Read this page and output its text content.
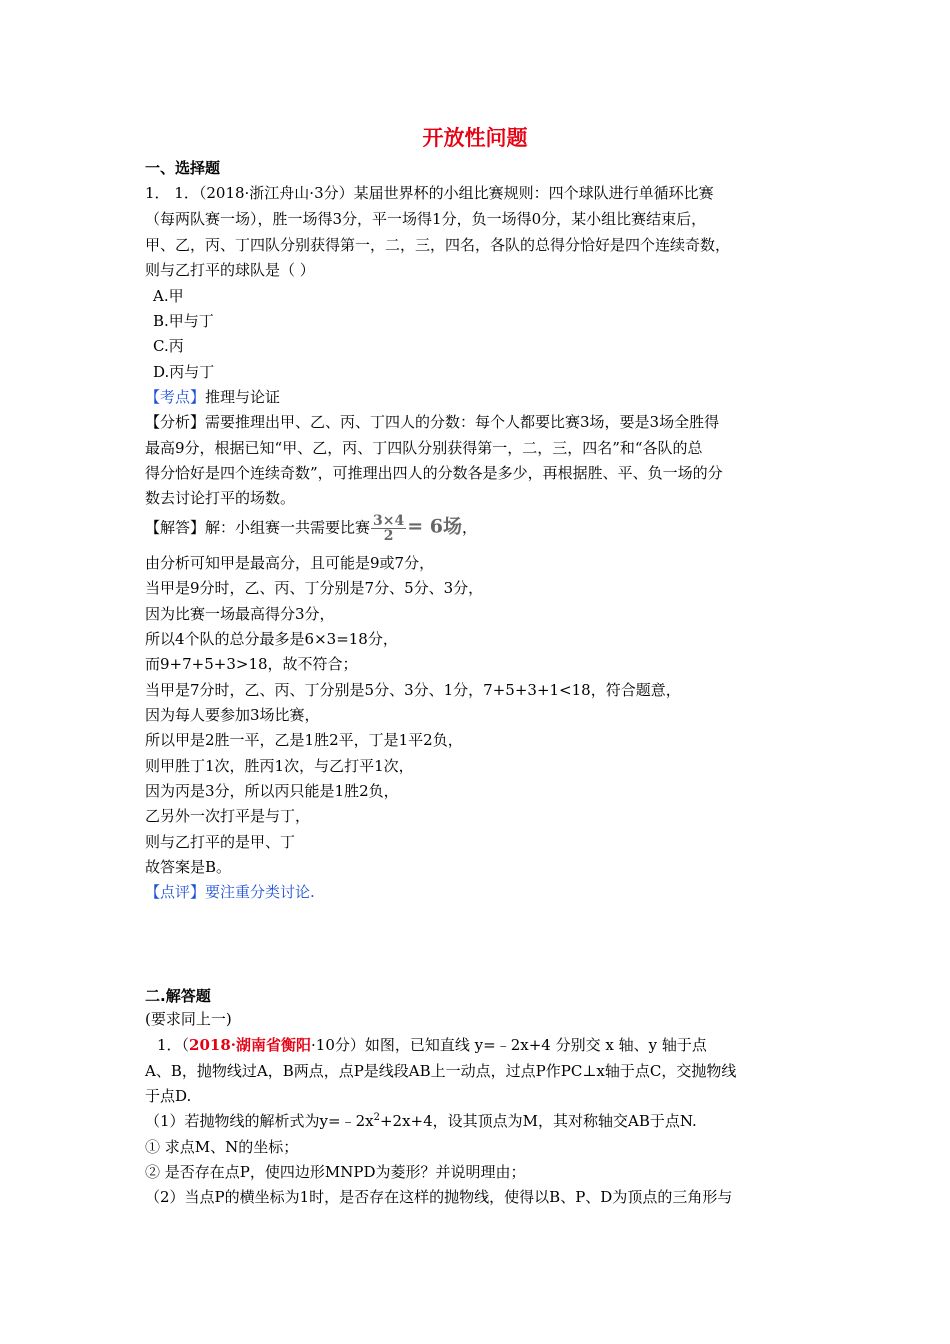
开放性问题
一、选择题
1． 1．（2018·浙江舟山·3分）某届世界杯的小组比赛规则：四个球队进行单循环比赛
（每两队赛一场），胜一场得3分，平一场得1分，负一场得0分，某小组比赛结束后，
甲、乙，丙、丁四队分别获得第一，二，三，四名，各队的总得分恰好是四个连续奇数，
则与乙打平的球队是（ ）
A.甲
B.甲与丁
C.丙
D.丙与丁
【考点】推理与论证
【分析】需要推理出甲、乙、丙、丁四人的分数：每个人都要比赛3场，要是3场全胜得
最高9分，根据已知“甲、乙，丙、丁四队分别获得第一，二，三，四名”和“各队的总
得分恰好是四个连续奇数”，可推理出四人的分数各是多少，再根据胜、平、负一场的分
数去讨论打平的场数。
【解答】解：小组赛一共需要比赛 $\frac{3\times 4}{2} = 6$场，
由分析可知甲是最高分，且可能是9或7分，
当甲是9分时，乙、丙、丁分别是7分、5分、3分，
因为比赛一场最高得分3分，
所以4个队的总分最多是6×3=18分，
而9+7+5+3>18，故不符合；
当甲是7分时，乙、丙、丁分别是5分、3分、1分，7+5+3+1<18，符合题意，
因为每人要参加3场比赛，
所以甲是2胜一平，乙是1胜2平，丁是1平2负，
则甲胜丁1次，胜丙1次，与乙打平1次，
因为丙是3分，所以丙只能是1胜2负，
乙另外一次打平是与丁，
则与乙打平的是甲、丁
故答案是B。
【点评】要注重分类讨论.
二.解答题
(要求同上一)
1．（2018·湖南省衡阳·10分）如图，已知直线 y=﹣2x+4 分别交 x 轴、y 轴于点
A、B，抛物线过A，B两点，点P是线段AB上一动点，过点P作PC⊥x轴于点C，交抛物线
于点D.
（1）若抛物线的解析式为$y=﹣2x^2+2x+4$，设其顶点为M，其对称轴交AB于点N.
① 求点M、N的坐标；
② 是否存在点P，使四边形MNPD为菱形？并说明理由；
（2）当点P的横坐标为1时，是否存在这样的抛物线，使得以B、P、D为顶点的三角形与
